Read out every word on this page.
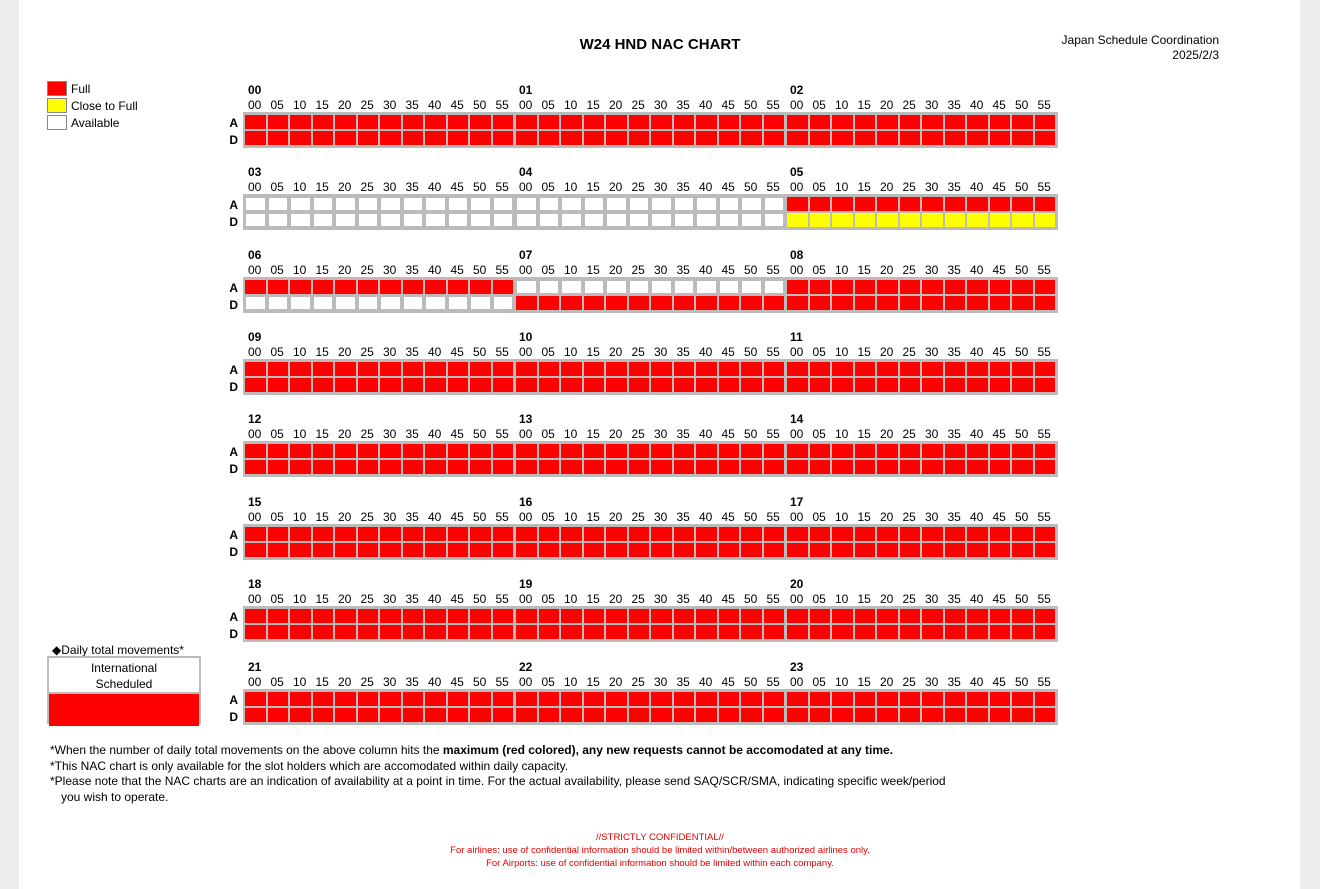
W24 HND NAC CHART	Japan Schedule Coordination
2025/2/3
Full
Close to Full
Available	A
D
00
00 05 10 15 20 25 30 35 40 45 50 55
01
00 05 10 15 20 25 30 35 40 45 50 55
02
00 05 10 15 20 25 30 35 40 45 50 55
A
D
03
00 05 10 15 20 25 30 35 40 45 50 55
04
00 05 10 15 20 25 30 35 40 45 50 55
05
00 05 10 15 20 25 30 35 40 45 50 55
A
D
06
00 05 10 15 20 25 30 35 40 45 50 55
07
00 05 10 15 20 25 30 35 40 45 50 55
08
00 05 10 15 20 25 30 35 40 45 50 55
A
D
09
00 05 10 15 20 25 30 35 40 45 50 55
10
00 05 10 15 20 25 30 35 40 45 50 55
11
00 05 10 15 20 25 30 35 40 45 50 55
A
D
12
00 05 10 15 20 25 30 35 40 45 50 55
13
00 05 10 15 20 25 30 35 40 45 50 55
14
00 05 10 15 20 25 30 35 40 45 50 55
A
D
15
00 05 10 15 20 25 30 35 40 45 50 55
16
00 05 10 15 20 25 30 35 40 45 50 55
17
00 05 10 15 20 25 30 35 40 45 50 55
A
D
18
00 05 10 15 20 25 30 35 40 45 50 55
19
00 05 10 15 20 25 30 35 40 45 50 55
20
00 05 10 15 20 25 30 35 40 45 50 55
A
D
21
00 05 10 15 20 25 30 35 40 45 50 55
22
00 05 10 15 20 25 30 35 40 45 50 55
23
00 05 10 15 20 25 30 35 40 45 50 55
◆Daily total movements*
International
Scheduled
*When the number of daily total movements on the above column hits the maximum (red colored), any new requests cannot be accomodated at any time.
*This NAC chart is only available for the slot holders which are accomodated within daily capacity.
*Please note that the NAC charts are an indication of availability at a point in time. For the actual availability, please send SAQ/SCR/SMA, indicating specific week/period
you wish to operate.
//STRICTLY CONFIDENTIAL//
For airlines: use of confidential information should be limited within/between authorized airlines only.
For Airports: use of confidential information should be limited within each company.
